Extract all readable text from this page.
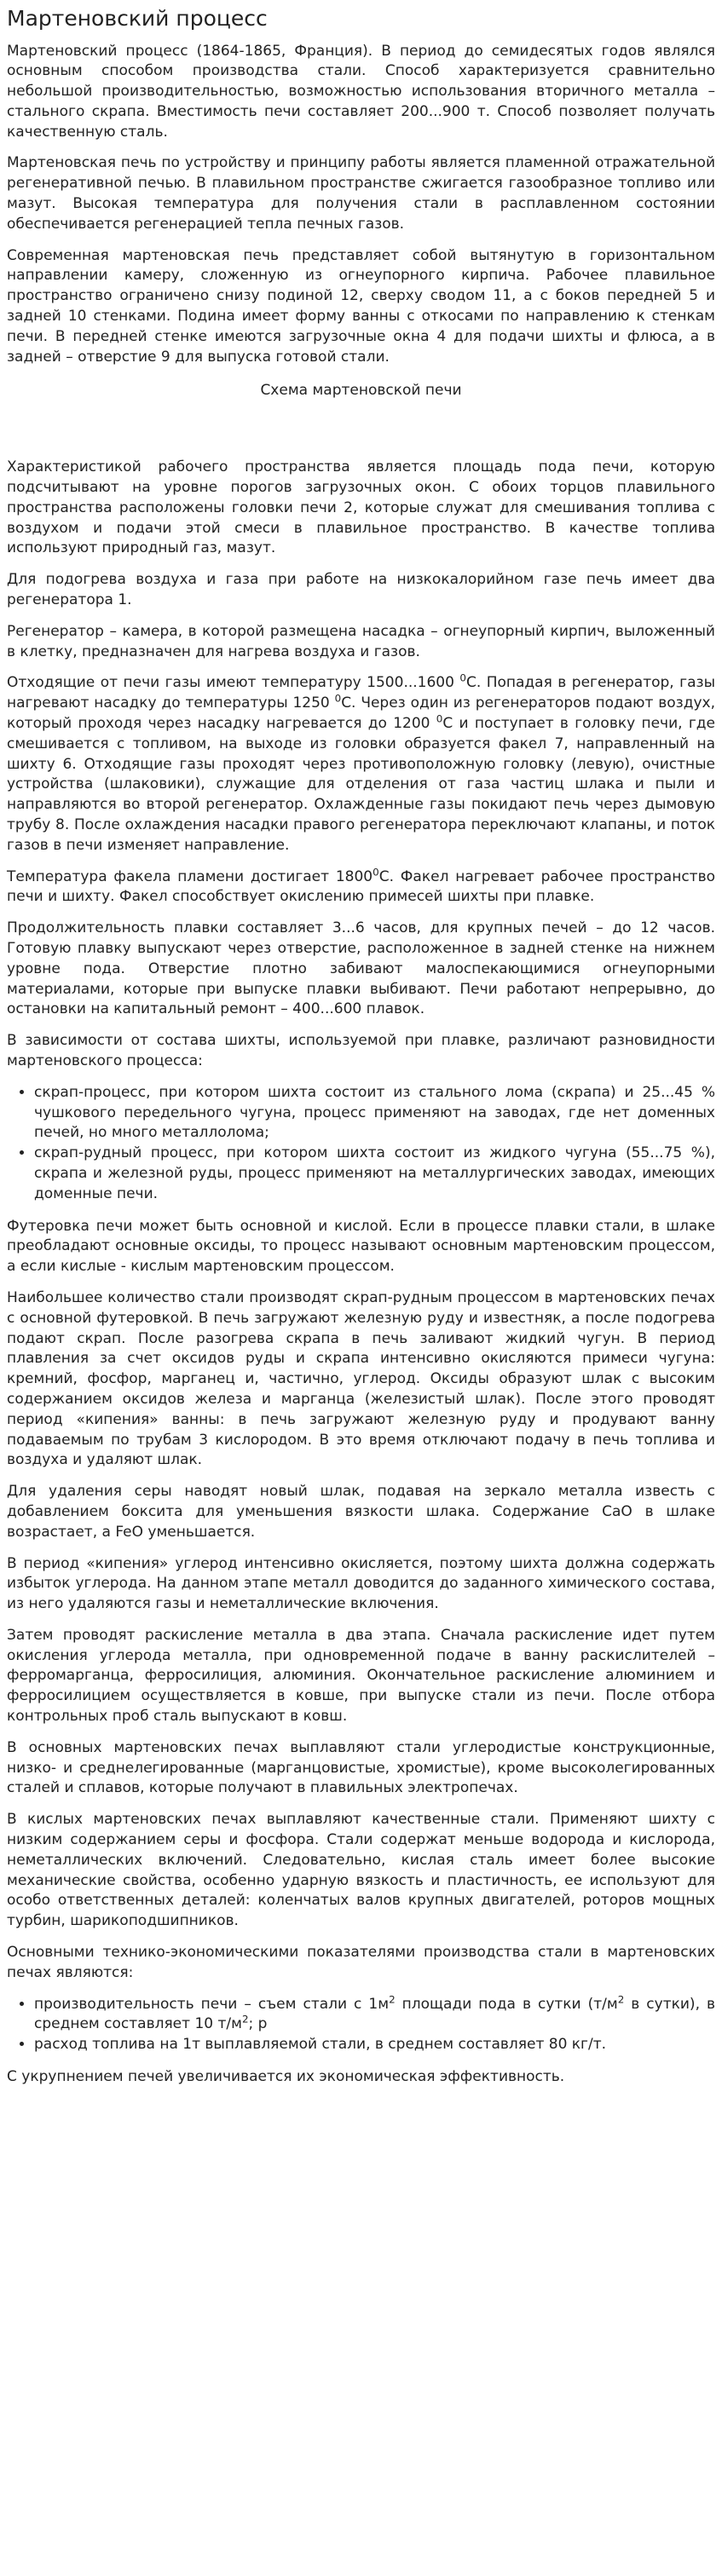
Мартеновский процесс

Мартеновский процесс (1864-1865, Франция). В период до семидесятых годов являлся основным способом производства стали. Способ характеризуется сравнительно небольшой производительностью, возможностью использования вторичного металла – стального скрапа. Вместимость печи составляет 200...900 т. Способ позволяет получать качественную сталь.

Мартеновская печь по устройству и принципу работы является пламенной отражательной регенеративной печью. В плавильном пространстве сжигается газообразное топливо или мазут. Высокая температура для получения стали в расплавленном состоянии обеспечивается регенерацией тепла печных газов.

Современная мартеновская печь представляет собой вытянутую в горизонтальном направлении камеру, сложенную из огнеупорного кирпича. Рабочее плавильное пространство ограничено снизу подиной 12, сверху сводом 11, а с боков передней 5 и задней 10 стенками. Подина имеет форму ванны с откосами по направлению к стенкам печи. В передней стенке имеются загрузочные окна 4 для подачи шихты и флюса, а в задней – отверстие 9 для выпуска готовой стали.

Схема мартеновской печи

Характеристикой рабочего пространства является площадь пода печи, которую подсчитывают на уровне порогов загрузочных окон. С обоих торцов плавильного пространства расположены головки печи 2, которые служат для смешивания топлива с воздухом и подачи этой смеси в плавильное пространство. В качестве топлива используют природный газ, мазут.

Для подогрева воздуха и газа при работе на низкокалорийном газе печь имеет два регенератора 1.

Регенератор – камера, в которой размещена насадка – огнеупорный кирпич, выложенный в клетку, предназначен для нагрева воздуха и газов.

Отходящие от печи газы имеют температуру 1500...1600 $^0$С. Попадая в регенератор, газы нагревают насадку до температуры 1250 $^0$С. Через один из регенераторов подают воздух, который проходя через насадку нагревается до 1200 $^0$С и поступает в головку печи, где смешивается с топливом, на выходе из головки образуется факел 7, направленный на шихту 6. Отходящие газы проходят через противоположную головку (левую), очистные устройства (шлаковики), служащие для отделения от газа частиц шлака и пыли и направляются во второй регенератор. Охлажденные газы покидают печь через дымовую трубу 8. После охлаждения насадки правого регенератора переключают клапаны, и поток газов в печи изменяет направление.

Температура факела пламени достигает 1800$^0$С. Факел нагревает рабочее пространство печи и шихту. Факел способствует окислению примесей шихты при плавке.

Продолжительность плавки составляет 3...6 часов, для крупных печей – до 12 часов. Готовую плавку выпускают через отверстие, расположенное в задней стенке на нижнем уровне пода. Отверстие плотно забивают малоспекающимися огнеупорными материалами, которые при выпуске плавки выбивают. Печи работают непрерывно, до остановки на капитальный ремонт – 400...600 плавок.

В зависимости от состава шихты, используемой при плавке, различают разновидности мартеновского процесса:

• скрап-процесс, при котором шихта состоит из стального лома (скрапа) и 25...45 % чушкового передельного чугуна, процесс применяют на заводах, где нет доменных печей, но много металлолома;
• скрап-рудный процесс, при котором шихта состоит из жидкого чугуна (55...75 %), скрапа и железной руды, процесс применяют на металлургических заводах, имеющих доменные печи.

Футеровка печи может быть основной и кислой. Если в процессе плавки стали, в шлаке преобладают основные оксиды, то процесс называют основным мартеновским процессом, а если кислые - кислым мартеновским процессом.

Наибольшее количество стали производят скрап-рудным процессом в мартеновских печах с основной футеровкой. В печь загружают железную руду и известняк, а после подогрева подают скрап. После разогрева скрапа в печь заливают жидкий чугун. В период плавления за счет оксидов руды и скрапа интенсивно окисляются примеси чугуна: кремний, фосфор, марганец и, частично, углерод. Оксиды образуют шлак с высоким содержанием оксидов железа и марганца (железистый шлак). После этого проводят период «кипения» ванны: в печь загружают железную руду и продувают ванну подаваемым по трубам 3 кислородом. В это время отключают подачу в печь топлива и воздуха и удаляют шлак.

Для удаления серы наводят новый шлак, подавая на зеркало металла известь с добавлением боксита для уменьшения вязкости шлака. Содержание CaO в шлаке возрастает, а FeO уменьшается.

В период «кипения» углерод интенсивно окисляется, поэтому шихта должна содержать избыток углерода. На данном этапе металл доводится до заданного химического состава, из него удаляются газы и неметаллические включения.

Затем проводят раскисление металла в два этапа. Сначала раскисление идет путем окисления углерода металла, при одновременной подаче в ванну раскислителей – ферромарганца, ферросилиция, алюминия. Окончательное раскисление алюминием и ферросилицием осуществляется в ковше, при выпуске стали из печи. После отбора контрольных проб сталь выпускают в ковш.

В основных мартеновских печах выплавляют стали углеродистые конструкционные, низко- и среднелегированные (марганцовистые, хромистые), кроме высоколегированных сталей и сплавов, которые получают в плавильных электропечах.

В кислых мартеновских печах выплавляют качественные стали. Применяют шихту с низким содержанием серы и фосфора. Стали содержат меньше водорода и кислорода, неметаллических включений. Следовательно, кислая сталь имеет более высокие механические свойства, особенно ударную вязкость и пластичность, ее используют для особо ответственных деталей: коленчатых валов крупных двигателей, роторов мощных турбин, шарикоподшипников.

Основными технико-экономическими показателями производства стали в мартеновских печах являются:

• производительность печи – съем стали с $1м^2$ площади пода в сутки ($т/м^2$ в сутки), в среднем составляет 10 $т/м^2$; р
• расход топлива на 1т выплавляемой стали, в среднем составляет 80 кг/т.

С укрупнением печей увеличивается их экономическая эффективность.
